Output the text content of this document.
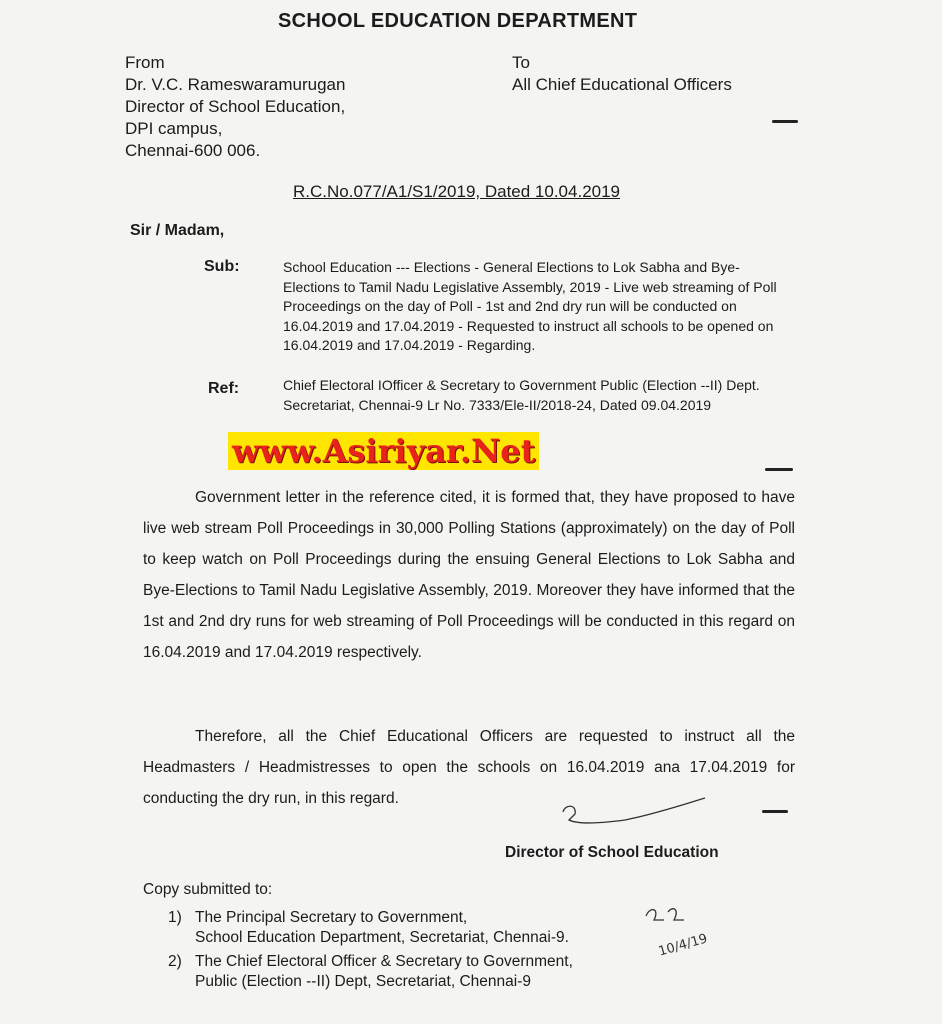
SCHOOL EDUCATION DEPARTMENT
From
Dr. V.C. Rameswaramurugan
Director of School Education,
DPI campus,
Chennai-600 006.
To
All Chief Educational Officers
R.C.No.077/A1/S1/2019, Dated 10.04.2019
Sir / Madam,
Sub:	School Education --- Elections - General Elections to Lok Sabha and Bye- Elections to Tamil Nadu Legislative Assembly, 2019 - Live web streaming of Poll Proceedings on the day of Poll - 1st and 2nd dry run will be conducted on 16.04.2019 and 17.04.2019 - Requested to instruct all schools to be opened on 16.04.2019 and 17.04.2019 - Regarding.
Ref:	Chief Electoral IOfficer & Secretary to Government Public (Election --II) Dept. Secretariat, Chennai-9 Lr No. 7333/Ele-II/2018-24, Dated 09.04.2019
www.Asiriyar.Net
Government letter in the reference cited, it is formed that, they have proposed to have live web stream Poll Proceedings in 30,000 Polling Stations (approximately) on the day of Poll to keep watch on Poll Proceedings during the ensuing General Elections to Lok Sabha and Bye-Elections to Tamil Nadu Legislative Assembly, 2019. Moreover they have informed that the 1st and 2nd dry runs for web streaming of Poll Proceedings will be conducted in this regard on 16.04.2019 and 17.04.2019 respectively.
Therefore, all the Chief Educational Officers are requested to instruct all the Headmasters / Headmistresses to open the schools on 16.04.2019 ana 17.04.2019 for conducting the dry run, in this regard.
Director of School Education
Copy submitted to:
1) The Principal Secretary to Government,
School Education Department, Secretariat, Chennai-9.
2) The Chief Electoral Officer & Secretary to Government,
Public (Election --II) Dept, Secretariat, Chennai-9
10/4/19
